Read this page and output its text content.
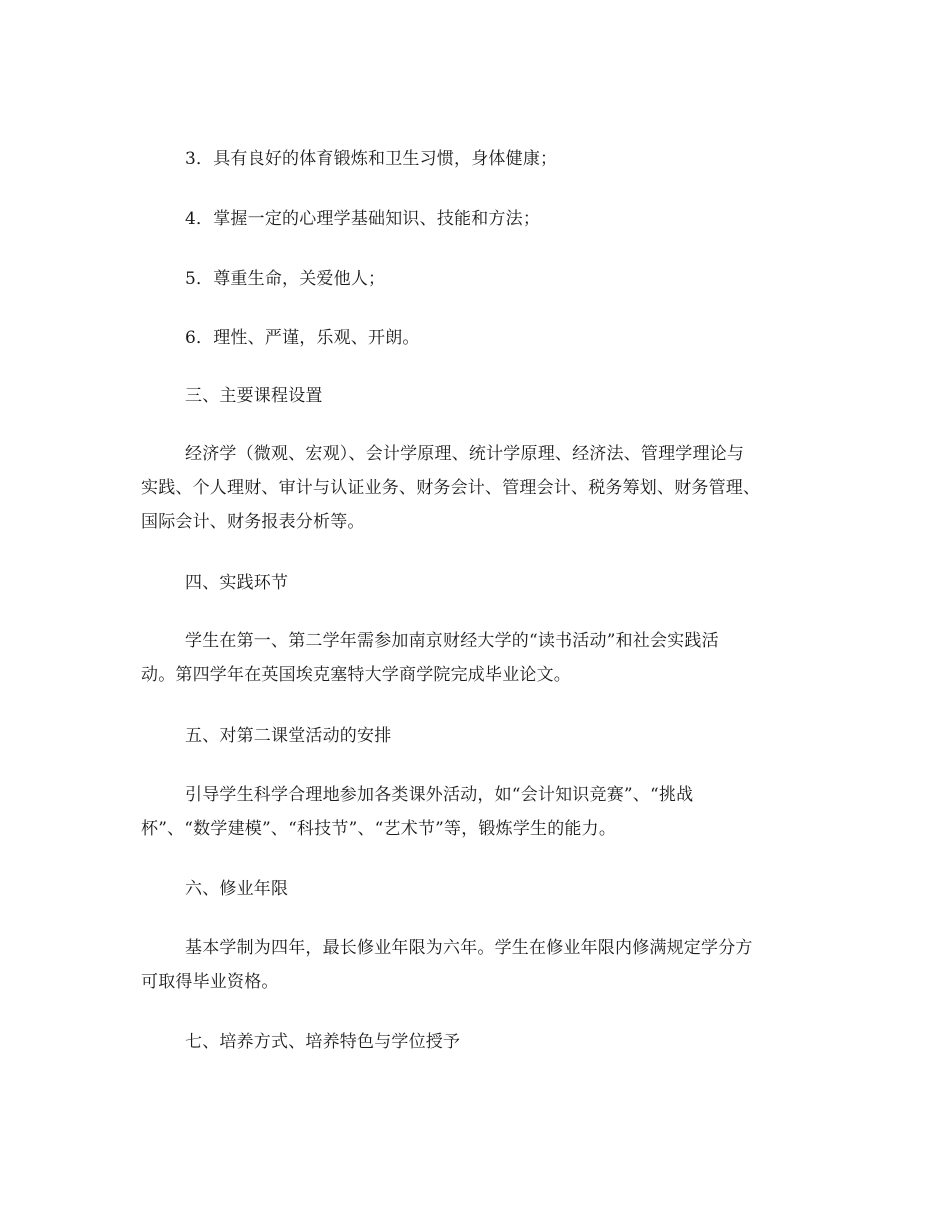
3．具有良好的体育锻炼和卫生习惯，身体健康；
4．掌握一定的心理学基础知识、技能和方法；
5．尊重生命，关爱他人；
6．理性、严谨，乐观、开朗。
三、主要课程设置
经济学（微观、宏观）、会计学原理、统计学原理、经济法、管理学理论与
实践、个人理财、审计与认证业务、财务会计、管理会计、税务筹划、财务管理、
国际会计、财务报表分析等。
四、实践环节
学生在第一、第二学年需参加南京财经大学的“读书活动”和社会实践活
动。第四学年在英国埃克塞特大学商学院完成毕业论文。
五、对第二课堂活动的安排
引导学生科学合理地参加各类课外活动，如“会计知识竞赛”、“挑战
杯”、“数学建模”、“科技节”、“艺术节”等，锻炼学生的能力。
六、修业年限
基本学制为四年，最长修业年限为六年。学生在修业年限内修满规定学分方
可取得毕业资格。
七、培养方式、培养特色与学位授予
